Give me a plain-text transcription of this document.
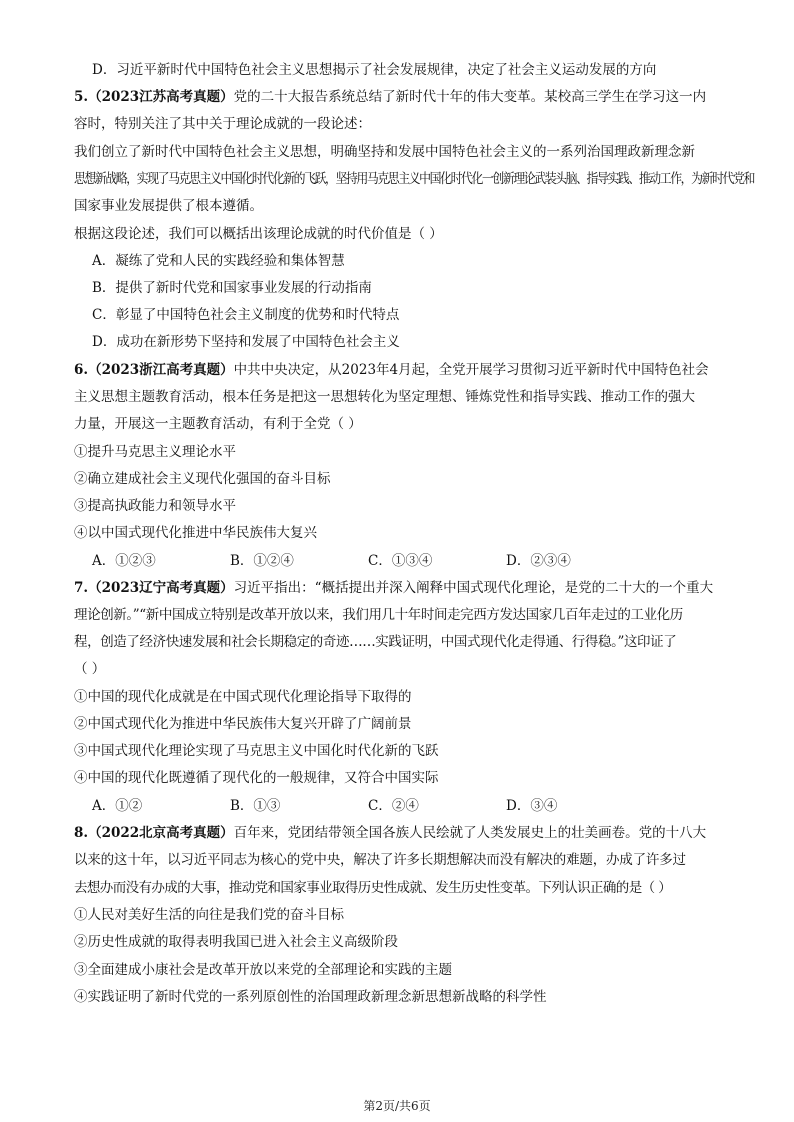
D．习近平新时代中国特色社会主义思想揭示了社会发展规律，决定了社会主义运动发展的方向
5.（2023江苏高考真题）党的二十大报告系统总结了新时代十年的伟大变革。某校高三学生在学习这一内
容时，特别关注了其中关于理论成就的一段论述：
我们创立了新时代中国特色社会主义思想，明确坚持和发展中国特色社会主义的一系列治国理政新理念新
思想新战略，实现了马克思主义中国化时代化新的飞跃，坚持用马克思主义中国化时代化一创新理论武装头脑、指导实践、推动工作，为新时代党和
国家事业发展提供了根本遵循。
根据这段论述，我们可以概括出该理论成就的时代价值是（ ）
A．凝练了党和人民的实践经验和集体智慧
B．提供了新时代党和国家事业发展的行动指南
C．彰显了中国特色社会主义制度的优势和时代特点
D．成功在新形势下坚持和发展了中国特色社会主义
6.（2023浙江高考真题）中共中央决定，从2023年4月起，全党开展学习贯彻习近平新时代中国特色社会
主义思想主题教育活动，根本任务是把这一思想转化为坚定理想、锤炼党性和指导实践、推动工作的强大
力量，开展这一主题教育活动，有利于全党（ ）
①提升马克思主义理论水平
②确立建成社会主义现代化强国的奋斗目标
③提高执政能力和领导水平
④以中国式现代化推进中华民族伟大复兴
A．①②③	B．①②④	C．①③④	D．②③④
7.（2023辽宁高考真题）习近平指出：“概括提出并深入阐释中国式现代化理论，是党的二十大的一个重大
理论创新。”“新中国成立特别是改革开放以来，我们用几十年时间走完西方发达国家几百年走过的工业化历
程，创造了经济快速发展和社会长期稳定的奇迹……实践证明，中国式现代化走得通、行得稳。”这印证了
（ ）
①中国的现代化成就是在中国式现代化理论指导下取得的
②中国式现代化为推进中华民族伟大复兴开辟了广阔前景
③中国式现代化理论实现了马克思主义中国化时代化新的飞跃
④中国的现代化既遵循了现代化的一般规律，又符合中国实际
A．①②	B．①③	C．②④	D．③④
8.（2022北京高考真题）百年来，党团结带领全国各族人民绘就了人类发展史上的壮美画卷。党的十八大
以来的这十年，以习近平同志为核心的党中央，解决了许多长期想解决而没有解决的难题，办成了许多过
去想办而没有办成的大事，推动党和国家事业取得历史性成就、发生历史性变革。下列认识正确的是（ ）
①人民对美好生活的向往是我们党的奋斗目标
②历史性成就的取得表明我国已进入社会主义高级阶段
③全面建成小康社会是改革开放以来党的全部理论和实践的主题
④实践证明了新时代党的一系列原创性的治国理政新理念新思想新战略的科学性
第2页/共6页
